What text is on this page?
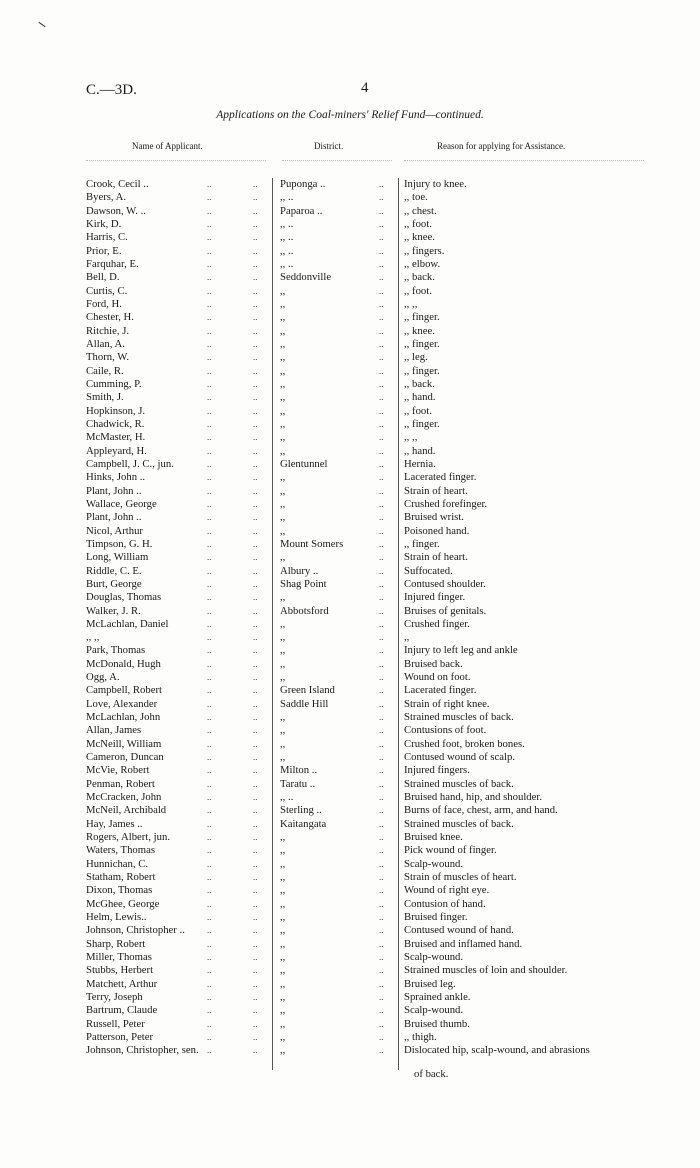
C.—3D.	4
Applications on the Coal-miners' Relief Fund—continued.
Name of Applicant.	District.	Reason for applying for Assistance.
Crook, Cecil ..	..	.. Puponga ..	.. Injury to knee.
Byers, A.	..	.. ,, ..	.. ,, toe.
Dawson, W. ..	..	.. Paparoa ..	.. ,, chest.
Kirk, D.	..	.. ,, ..	.. ,, foot.
Harris, C.	..	.. ,, ..	.. ,, knee.
Prior, E.	..	.. ,, ..	.. ,, fingers.
Farquhar, E.	..	.. ,, ..	.. ,, elbow.
Bell, D.	..	.. Seddonville	.. ,, back.
Curtis, C.	..	.. ,,	.. ,, foot.
Ford, H.	..	.. ,,	.. ,, ,,
Chester, H.	..	.. ,,	.. ,, finger.
Ritchie, J.	..	.. ,,	.. ,, knee.
Allan, A.	..	.. ,,	.. ,, finger.
Thorn, W.	..	.. ,,	.. ,, leg.
Caile, R.	..	.. ,,	.. ,, finger.
Cumming, P.	..	.. ,,	.. ,, back.
Smith, J.	..	.. ,,	.. ,, hand.
Hopkinson, J.	..	.. ,,	.. ,, foot.
Chadwick, R.	..	.. ,,	.. ,, finger.
McMaster, H.	..	.. ,,	.. ,, ,,
Appleyard, H.	..	.. ,,	.. ,, hand.
Campbell, J. C., jun.	..	.. Glentunnel	.. Hernia.
Hinks, John ..	..	.. ,,	.. Lacerated finger.
Plant, John ..	..	.. ,,	.. Strain of heart.
Wallace, George	..	.. ,,	.. Crushed forefinger.
Plant, John ..	..	.. ,,	.. Bruised wrist.
Nicol, Arthur	..	.. ,,	.. Poisoned hand.
Timpson, G. H.	..	.. Mount Somers	.. ,, finger.
Long, William	..	.. ,,	.. Strain of heart.
Riddle, C. E.	..	.. Albury ..	.. Suffocated.
Burt, George	..	.. Shag Point	.. Contused shoulder.
Douglas, Thomas	..	.. ,,	.. Injured finger.
Walker, J. R.	..	.. Abbotsford	.. Bruises of genitals.
McLachlan, Daniel	..	.. ,,	.. Crushed finger.
,, ,,	..	.. ,,	.. ,,
Park, Thomas	..	.. ,,	.. Injury to left leg and ankle
McDonald, Hugh	..	.. ,,	.. Bruised back.
Ogg, A.	..	.. ,,	.. Wound on foot.
Campbell, Robert	..	.. Green Island	.. Lacerated finger.
Love, Alexander	..	.. Saddle Hill	.. Strain of right knee.
McLachlan, John	..	.. ,,	.. Strained muscles of back.
Allan, James	..	.. ,,	.. Contusions of foot.
McNeill, William	..	.. ,,	.. Crushed foot, broken bones.
Cameron, Duncan	..	.. ,,	.. Contused wound of scalp.
McVie, Robert	..	.. Milton ..	.. Injured fingers.
Penman, Robert	..	.. Taratu ..	.. Strained muscles of back.
McCracken, John	..	.. ,, ..	.. Bruised hand, hip, and shoulder.
McNeil, Archibald	..	.. Sterling ..	.. Burns of face, chest, arm, and hand.
Hay, James ..	..	.. Kaitangata	.. Strained muscles of back.
Rogers, Albert, jun.	..	.. ,,	.. Bruised knee.
Waters, Thomas	..	.. ,,	.. Pick wound of finger.
Hunnichan, C.	..	.. ,,	.. Scalp-wound.
Statham, Robert	..	.. ,,	.. Strain of muscles of heart.
Dixon, Thomas	..	.. ,,	.. Wound of right eye.
McGhee, George	..	.. ,,	.. Contusion of hand.
Helm, Lewis..	..	.. ,,	.. Bruised finger.
Johnson, Christopher .. ..	.. ,,	.. Contused wound of hand.
Sharp, Robert	..	.. ,,	.. Bruised and inflamed hand.
Miller, Thomas	..	.. ,,	.. Scalp-wound.
Stubbs, Herbert	..	.. ,,	.. Strained muscles of loin and shoulder.
Matchett, Arthur	..	.. ,,	.. Bruised leg.
Terry, Joseph	..	.. ,,	.. Sprained ankle.
Bartrum, Claude	..	.. ,,	.. Scalp-wound.
Russell, Peter	..	.. ,,	.. Bruised thumb.
Patterson, Peter	..	.. ,,	.. ,, thigh.
Johnson, Christopher, sen. ..	.. ,,	.. Dislocated hip, scalp-wound, and abrasions
of back.
